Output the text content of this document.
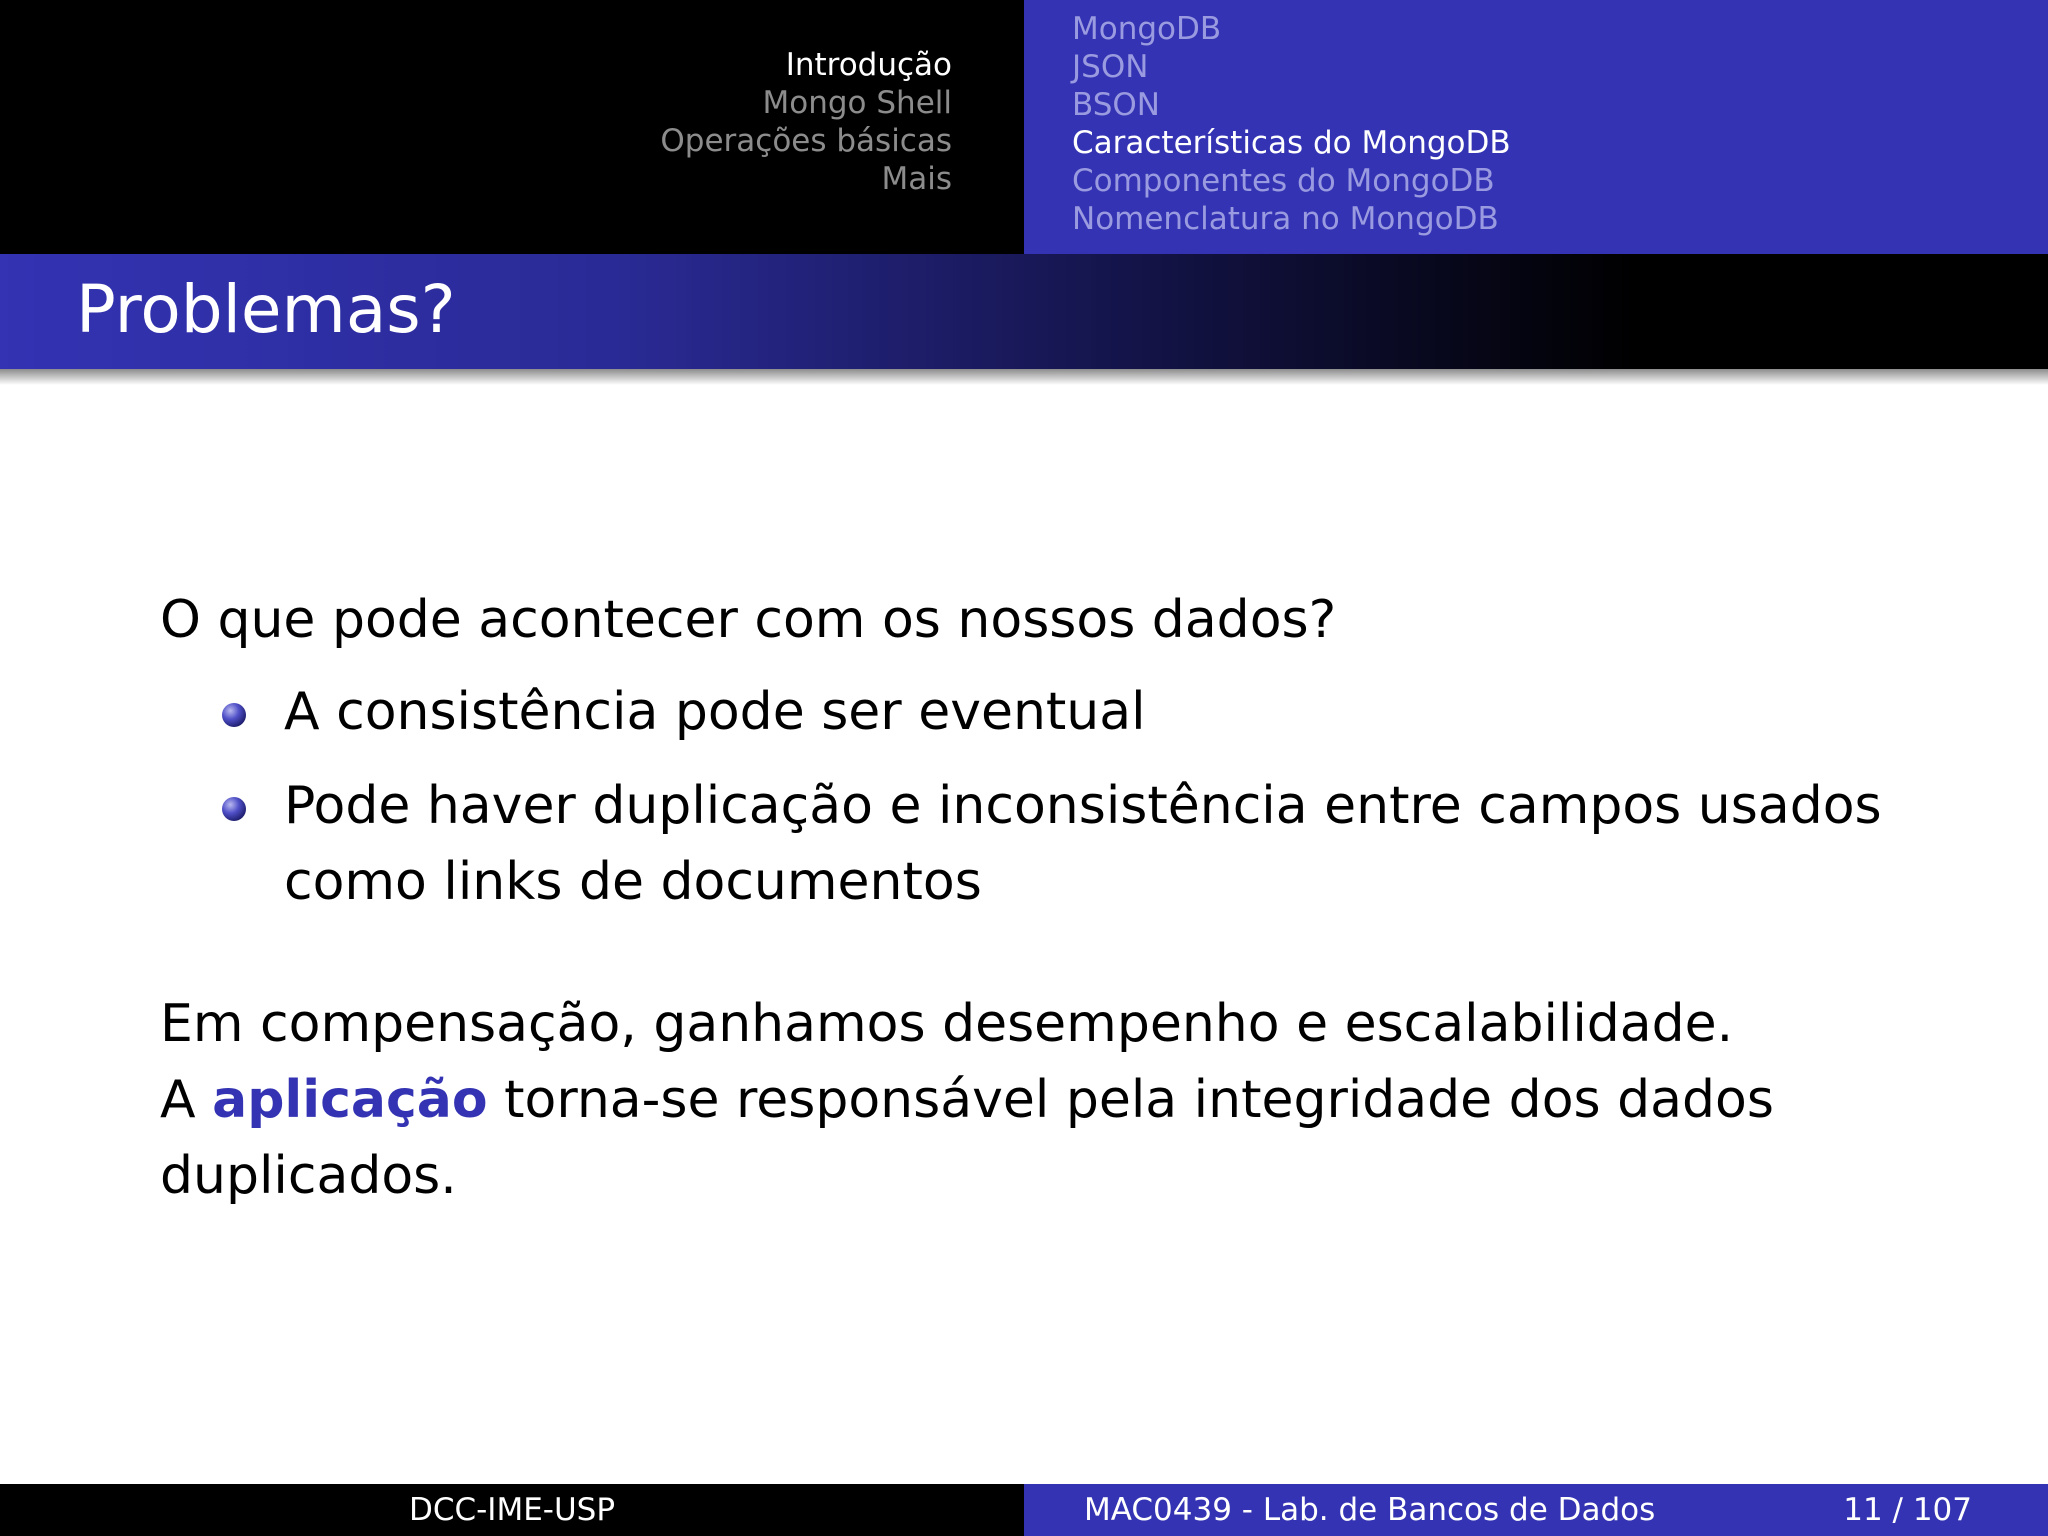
Introdução
Mongo Shell
Operações básicas
Mais
MongoDB
JSON
BSON
Características do MongoDB
Componentes do MongoDB
Nomenclatura no MongoDB
Problemas?

O que pode acontecer com os nossos dados?

A consistência pode ser eventual
Pode haver duplicação e inconsistência entre campos usados como links de documentos

Em compensação, ganhamos desempenho e escalabilidade.

A aplicação torna-se responsável pela integridade dos dados duplicados.

DCC-IME-USP	MAC0439 - Lab. de Bancos de Dados	11 / 107
